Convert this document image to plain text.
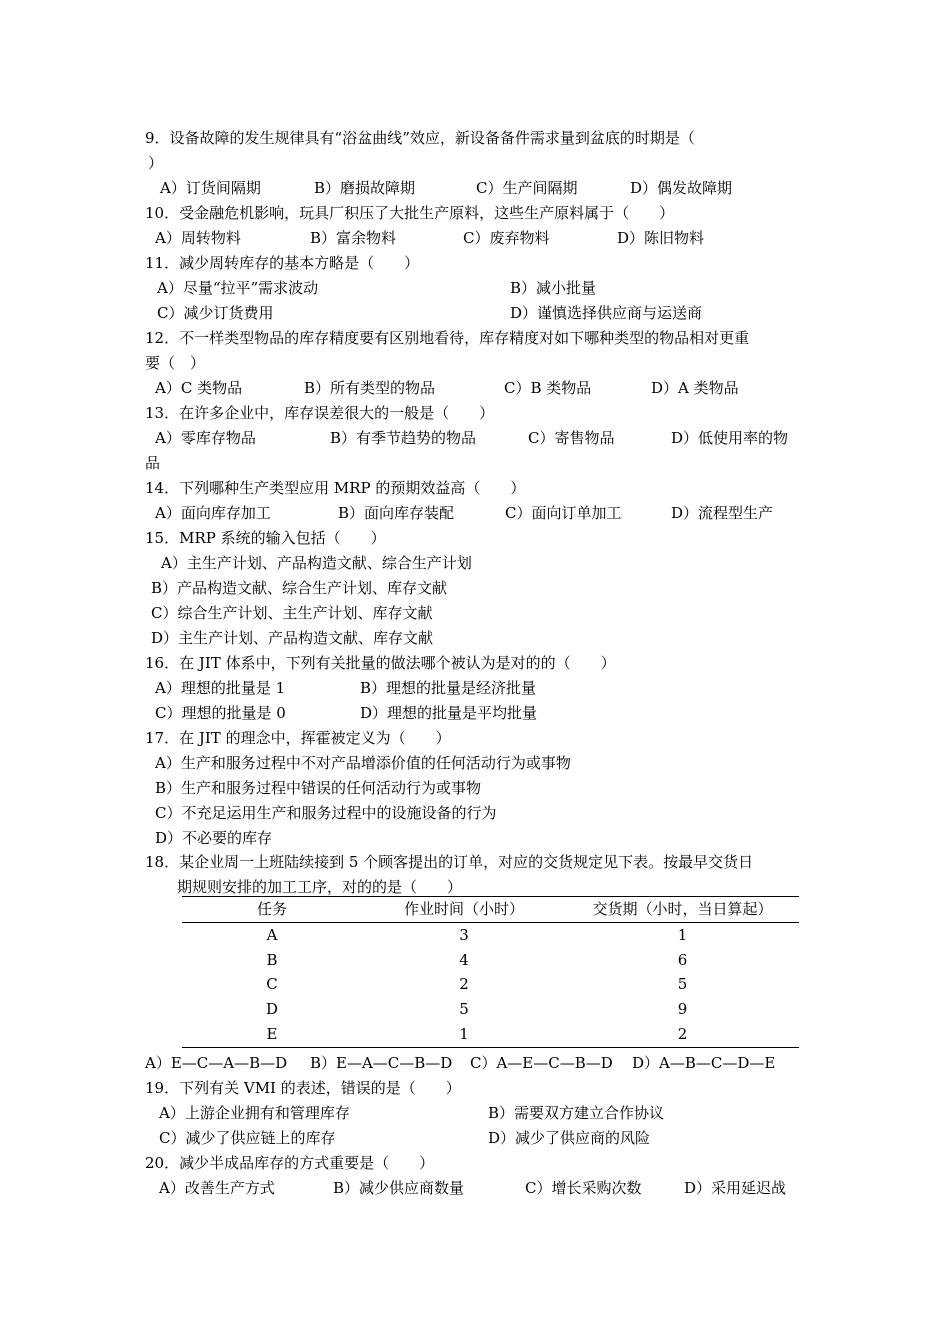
9．设备故障的发生规律具有“浴盆曲线”效应，新设备备件需求量到盆底的时期是（
）
A）订货间隔期	B）磨损故障期	C）生产间隔期	D）偶发故障期
10．受金融危机影响，玩具厂积压了大批生产原料，这些生产原料属于（　　）
A）周转物料	B）富余物料	C）废弃物料	D）陈旧物料
11．减少周转库存的基本方略是（　　）
A）尽量“拉平”需求波动	B）减小批量
C）减少订货费用	D）谨慎选择供应商与运送商
12．不一样类型物品的库存精度要有区别地看待，库存精度对如下哪种类型的物品相对更重
要（　）
A）C 类物品	B）所有类型的物品	C）B 类物品	D）A 类物品
13．在许多企业中，库存误差很大的一般是（　　）
A）零库存物品	B）有季节趋势的物品	C）寄售物品	D）低使用率的物
品
14．下列哪种生产类型应用 MRP 的预期效益高（　　）
A）面向库存加工	B）面向库存装配	C）面向订单加工	D）流程型生产
15．MRP 系统的输入包括（　　）
A）主生产计划、产品构造文献、综合生产计划
B）产品构造文献、综合生产计划、库存文献
C）综合生产计划、主生产计划、库存文献
D）主生产计划、产品构造文献、库存文献
16．在 JIT 体系中，下列有关批量的做法哪个被认为是对的的（　　）
A）理想的批量是 1	B）理想的批量是经济批量
C）理想的批量是 0	D）理想的批量是平均批量
17．在 JIT 的理念中，挥霍被定义为（　　）
A）生产和服务过程中不对产品增添价值的任何活动行为或事物
B）生产和服务过程中错误的任何活动行为或事物
C）不充足运用生产和服务过程中的设施设备的行为
D）不必要的库存
18．某企业周一上班陆续接到 5 个顾客提出的订单，对应的交货规定见下表。按最早交货日
期规则安排的加工工序，对的的是（　　）
任务	作业时间（小时）	交货期（小时，当日算起）
A	3	1
B	4	6
C	2	5
D	5	9
E	1	2
A）E—C—A—B—D B）E—A—C—B—D C）A—E—C—B—D D）A—B—C—D—E
19．下列有关 VMI 的表述，错误的是（　　）
A）上游企业拥有和管理库存	B）需要双方建立合作协议
C）减少了供应链上的库存	D）减少了供应商的风险
20．减少半成品库存的方式重要是（　　）
A）改善生产方式	B）减少供应商数量	C）增长采购次数	D）采用延迟战
